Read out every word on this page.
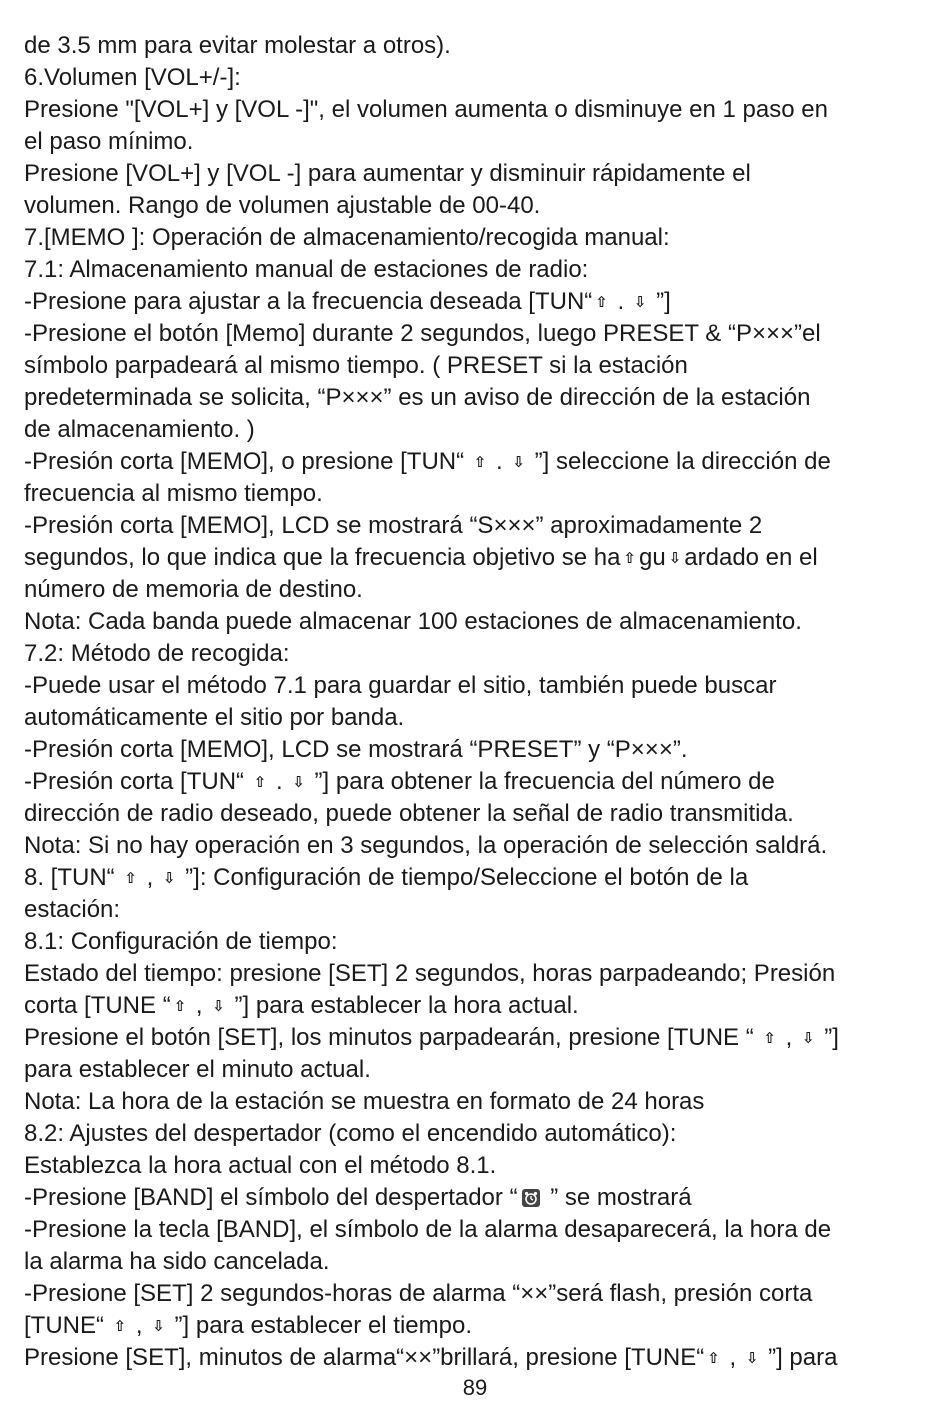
de 3.5 mm para evitar molestar a otros).
6.Volumen [VOL+/-]:
Presione "[VOL+] y [VOL -]", el volumen aumenta o disminuye en 1 paso en
el paso mínimo.
Presione [VOL+] y [VOL -] para aumentar y disminuir rápidamente el
volumen. Rango de volumen ajustable de 00-40.
7.[MEMO ]: Operación de almacenamiento/recogida manual:
7.1: Almacenamiento manual de estaciones de radio:
-Presione para ajustar a la frecuencia deseada [TUN“ ⇧ . ⇩ ”]
-Presione el botón [Memo] durante 2 segundos, luego PRESET & “P×××”el
símbolo parpadeará al mismo tiempo. ( PRESET si la estación
predeterminada se solicita, “P×××” es un aviso de dirección de la estación
de almacenamiento. )
-Presión corta [MEMO], o presione [TUN“ ⇧ . ⇩ ”] seleccione la dirección de
frecuencia al mismo tiempo.
-Presión corta [MEMO], LCD se mostrará “S×××” aproximadamente 2
segundos, lo que indica que la frecuencia objetivo se ha ⇧ gu ⇩ ardado en el
número de memoria de destino.
Nota: Cada banda puede almacenar 100 estaciones de almacenamiento.
7.2: Método de recogida:
-Puede usar el método 7.1 para guardar el sitio, también puede buscar
automáticamente el sitio por banda.
-Presión corta [MEMO], LCD se mostrará “PRESET” y “P×××”.
-Presión corta [TUN“ ⇧ . ⇩ ”] para obtener la frecuencia del número de
dirección de radio deseado, puede obtener la señal de radio transmitida.
Nota: Si no hay operación en 3 segundos, la operación de selección saldrá.
8. [TUN“ ⇧ , ⇩ ”]: Configuración de tiempo/Seleccione el botón de la
estación:
8.1: Configuración de tiempo:
Estado del tiempo: presione [SET] 2 segundos, horas parpadeando; Presión
corta [TUNE “ ⇧ , ⇩ ”] para establecer la hora actual.
Presione el botón [SET], los minutos parpadearán, presione [TUNE “ ⇧ , ⇩ ”]
para establecer el minuto actual.
Nota: La hora de la estación se muestra en formato de 24 horas
8.2: Ajustes del despertador (como el encendido automático):
Establezca la hora actual con el método 8.1.
-Presione [BAND] el símbolo del despertador “
” se mostrará
-Presione la tecla [BAND], el símbolo de la alarma desaparecerá, la hora de
la alarma ha sido cancelada.
-Presione [SET] 2 segundos-horas de alarma “××”será flash, presión corta
[TUNE“ ⇧ , ⇩ ”] para establecer el tiempo.
Presione [SET], minutos de alarma“××”brillará, presione [TUNE“ ⇧ , ⇩ ”] para
89
